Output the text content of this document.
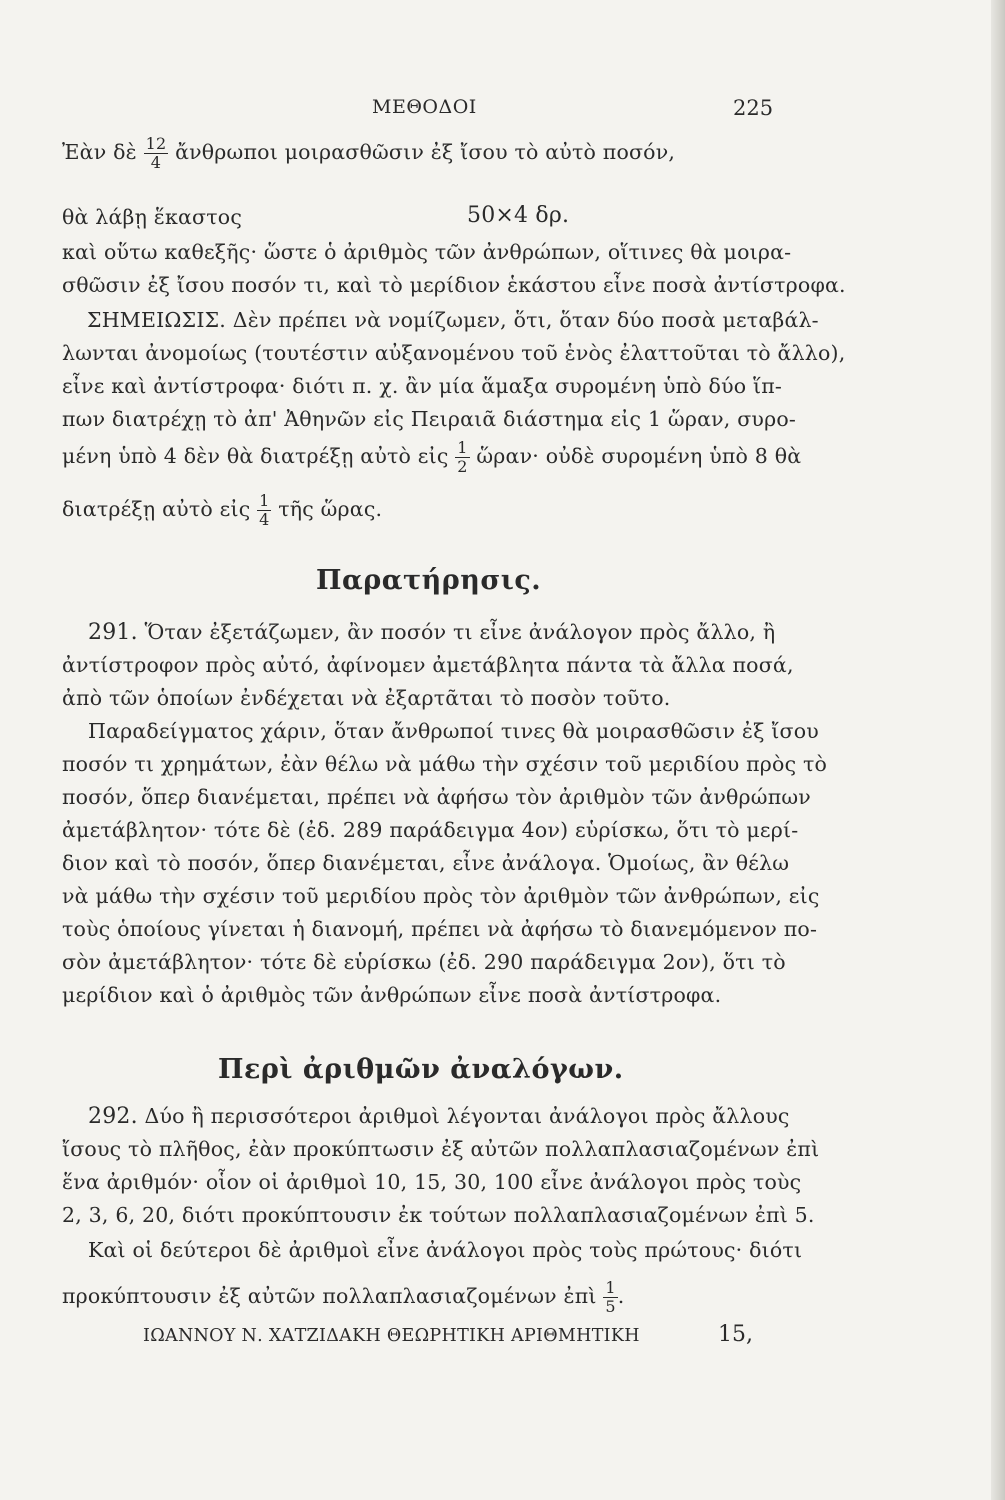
ΜΕΘΟΔΟΙ	225
Ἐὰν δὲ $\frac{12}{4}$ ἄνθρωποι μοιρασθῶσιν ἐξ ἴσου τὸ αὐτὸ ποσόν,
θὰ λάβῃ ἕκαστος	50×4 δρ.
καὶ οὕτω καθεξῆς· ὥστε ὁ ἀριθμὸς τῶν ἀνθρώπων, οἵτινες θὰ μοιρα-
σθῶσιν ἐξ ἴσου ποσόν τι, καὶ τὸ μερίδιον ἑκάστου εἶνε ποσὰ ἀντίστροφα.
ΣΗΜΕΙΩΣΙΣ. Δὲν πρέπει νὰ νομίζωμεν, ὅτι, ὅταν δύο ποσὰ μεταβάλ-
λωνται ἀνομοίως (τουτέστιν αὐξανομένου τοῦ ἑνὸς ἐλαττοῦται τὸ ἄλλο),
εἶνε καὶ ἀντίστροφα· διότι π. χ. ἂν μία ἅμαξα συρομένη ὑπὸ δύο ἵπ-
πων διατρέχῃ τὸ ἀπ' Ἀθηνῶν εἰς Πειραιᾶ διάστημα εἰς 1 ὥραν, συρο-
μένη ὑπὸ 4 δὲν θὰ διατρέξῃ αὐτὸ εἰς $\frac{1}{2}$ ὥραν· οὐδὲ συρομένη ὑπὸ 8 θὰ
διατρέξῃ αὐτὸ εἰς $\frac{1}{4}$ τῆς ὥρας.
Παρατήρησις.
291. Ὅταν ἐξετάζωμεν, ἂν ποσόν τι εἶνε ἀνάλογον πρὸς ἄλλο, ἢ
ἀντίστροφον πρὸς αὐτό, ἀφίνομεν ἀμετάβλητα πάντα τὰ ἄλλα ποσά,
ἀπὸ τῶν ὁποίων ἐνδέχεται νὰ ἐξαρτᾶται τὸ ποσὸν τοῦτο.
Παραδείγματος χάριν, ὅταν ἄνθρωποί τινες θὰ μοιρασθῶσιν ἐξ ἴσου
ποσόν τι χρημάτων, ἐὰν θέλω νὰ μάθω τὴν σχέσιν τοῦ μεριδίου πρὸς τὸ
ποσόν, ὅπερ διανέμεται, πρέπει νὰ ἀφήσω τὸν ἀριθμὸν τῶν ἀνθρώπων
ἀμετάβλητον· τότε δὲ (ἐδ. 289 παράδειγμα 4ον) εὑρίσκω, ὅτι τὸ μερί-
διον καὶ τὸ ποσόν, ὅπερ διανέμεται, εἶνε ἀνάλογα. Ὁμοίως, ἂν θέλω
νὰ μάθω τὴν σχέσιν τοῦ μεριδίου πρὸς τὸν ἀριθμὸν τῶν ἀνθρώπων, εἰς
τοὺς ὁποίους γίνεται ἡ διανομή, πρέπει νὰ ἀφήσω τὸ διανεμόμενον πο-
σὸν ἀμετάβλητον· τότε δὲ εὑρίσκω (ἐδ. 290 παράδειγμα 2ον), ὅτι τὸ
μερίδιον καὶ ὁ ἀριθμὸς τῶν ἀνθρώπων εἶνε ποσὰ ἀντίστροφα.
Περὶ ἀριθμῶν ἀναλόγων.
292. Δύο ἢ περισσότεροι ἀριθμοὶ λέγονται ἀνάλογοι πρὸς ἄλλους
ἴσους τὸ πλῆθος, ἐὰν προκύπτωσιν ἐξ αὐτῶν πολλαπλασιαζομένων ἐπὶ
ἕνα ἀριθμόν· οἷον οἱ ἀριθμοὶ 10, 15, 30, 100 εἶνε ἀνάλογοι πρὸς τοὺς
2, 3, 6, 20, διότι προκύπτουσιν ἐκ τούτων πολλαπλασιαζομένων ἐπὶ 5.
Καὶ οἱ δεύτεροι δὲ ἀριθμοὶ εἶνε ἀνάλογοι πρὸς τοὺς πρώτους· διότι
προκύπτουσιν ἐξ αὐτῶν πολλαπλασιαζομένων ἐπὶ $\frac{1}{5}$ .
ΙΩΑΝΝΟΥ Ν. ΧΑΤΖΙΔΑΚΗ ΘΕΩΡΗΤΙΚΗ ΑΡΙΘΜΗΤΙΚΗ	15,
